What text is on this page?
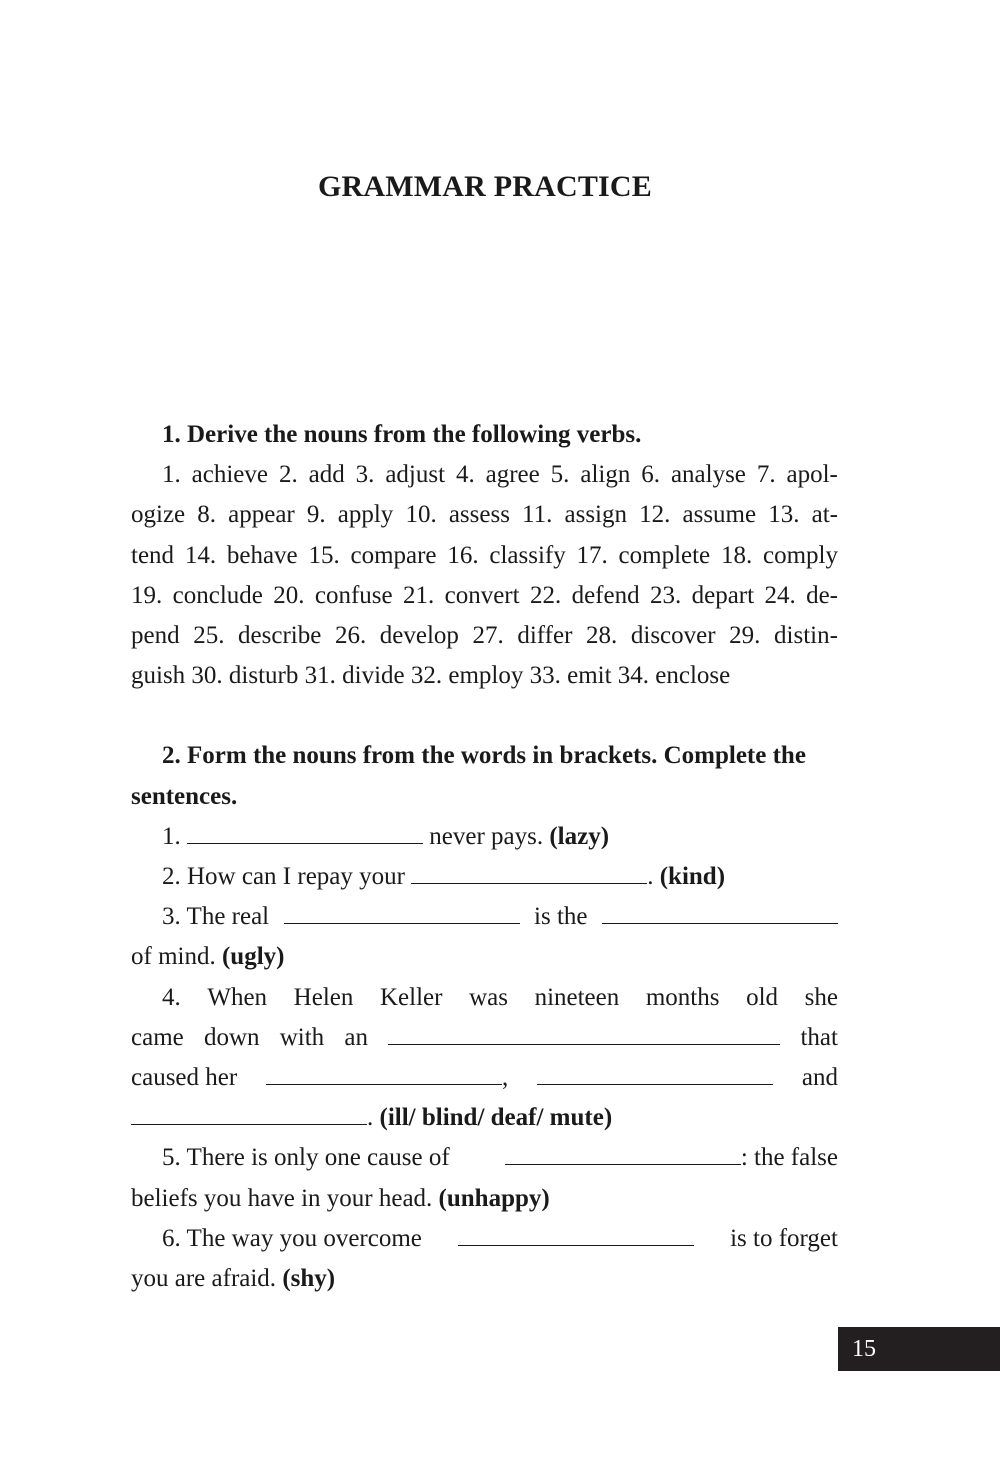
GRAMMAR PRACTICE

1. Derive the nouns from the following verbs.

1. achieve 2. add 3. adjust 4. agree 5. align 6. analyse 7. apol-
ogize 8. appear 9. apply 10. assess 11. assign 12. assume 13. at-
tend 14. behave 15. compare 16. classify 17. complete 18. comply
19. conclude 20. confuse 21. convert 22. defend 23. depart 24. de-
pend 25. describe 26. develop 27. differ 28. discover 29. distin-
guish 30. disturb 31. divide 32. employ 33. emit 34. enclose

2. Form the nouns from the words in brackets. Complete the sentences.

1.	never pays. (lazy)

2. How can I repay your	. (kind)

3. The real	is the
of mind. (ugly)
4. When Helen Keller was nineteen months old she
came down with an	that
caused her	,	and
. (ill/ blind/ deaf/ mute)
5. There is only one cause of	: the false
beliefs you have in your head. (unhappy)
6. The way you overcome	is to forget
you are afraid. (shy)
15
